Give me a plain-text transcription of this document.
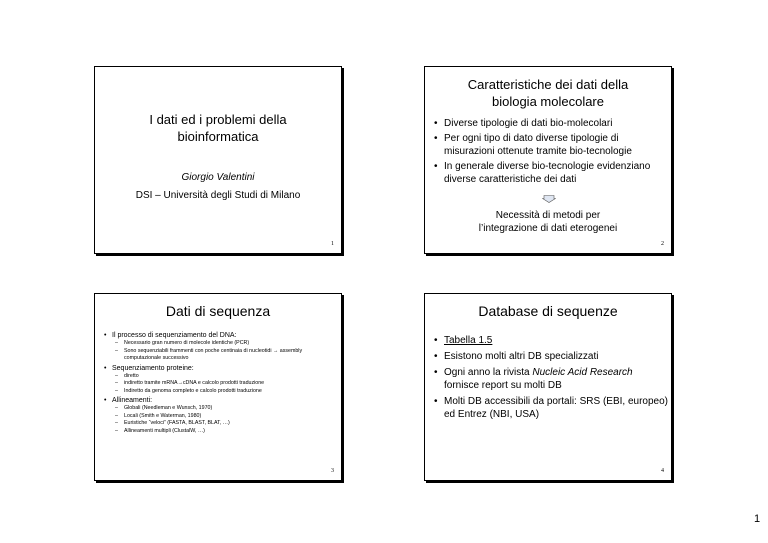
I dati ed i problemi della
bioinformatica
Giorgio Valentini
DSI – Università degli Studi di Milano
1
Caratteristiche dei dati della
biologia molecolare
• Diverse tipologie di dati bio-molecolari
• Per ogni tipo di dato diverse tipologie di misurazioni ottenute tramite bio-tecnologie
• In generale diverse bio-tecnologie evidenziano diverse caratteristiche dei dati
Necessità di metodi per
l’integrazione di dati eterogenei
2
Dati di sequenza
• Il processo di sequenziamento del DNA:
– Necessario gran numero di molecole identiche (PCR)
– Sono sequenziabili frammenti con poche centinaia di nucleotidi → assembly computazionale successivo
• Sequenziamento proteine:
– diretto
– indiretto tramite mRNA→cDNA e calcolo prodotti traduzione
– Indiretto da genoma completo e calcolo prodotti traduzione
• Allineamenti:
– Globali (Needleman e Wunsch, 1970)
– Locali (Smith e Waterman, 1980)
– Euristiche “veloci” (FASTA, BLAST, BLAT, …)
– Allineamenti multipli (ClustalW, …)
3
Database di sequenze
• Tabella 1.5
• Esistono molti altri DB specializzati
• Ogni anno la rivista Nucleic Acid Research fornisce report su molti DB
• Molti DB accessibili da portali: SRS (EBI, europeo) ed Entrez (NBI, USA)
4
1
